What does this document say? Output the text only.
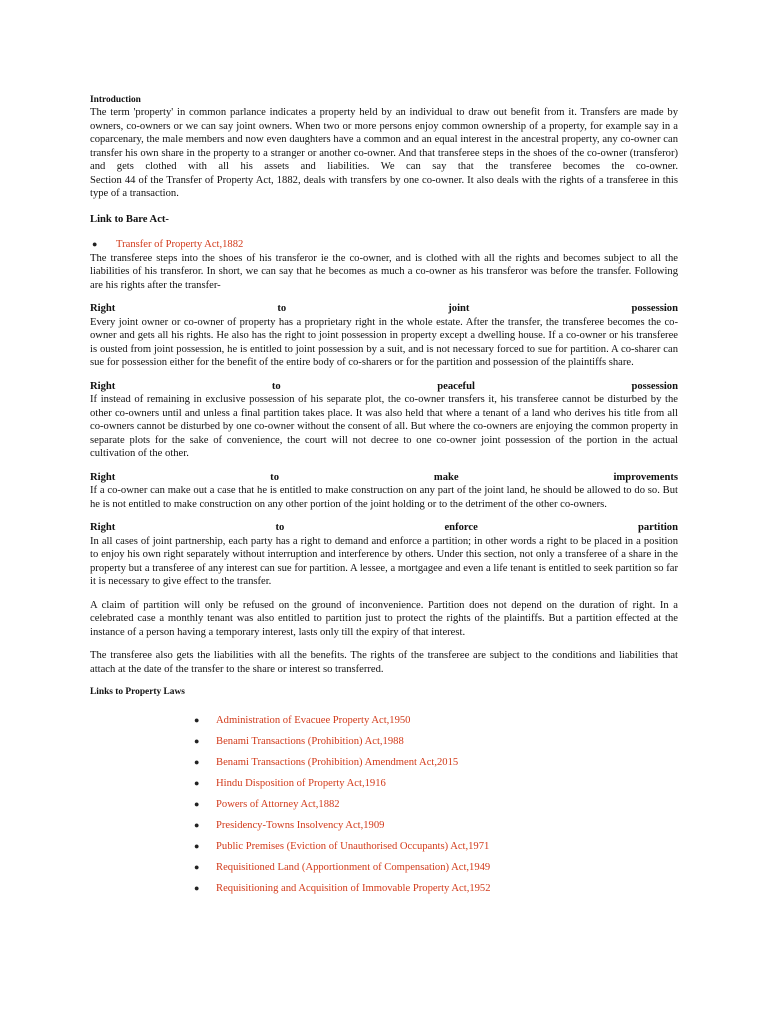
Introduction

The term 'property' in common parlance indicates a property held by an individual to draw out benefit from it. Transfers are made by owners, co-owners or we can say joint owners. When two or more persons enjoy common ownership of a property, for example say in a coparcenary, the male members and now even daughters have a common and an equal interest in the ancestral property, any co-owner can transfer his own share in the property to a stranger or another co-owner. And that transferee steps in the shoes of the co-owner (transferor) and gets clothed with all his assets and liabilities. We can say that the transferee becomes the co-owner.

Section 44 of the Transfer of Property Act, 1882, deals with transfers by one co-owner. It also deals with the rights of a transferee in this type of a transaction.

Link to Bare Act-
●	Transfer of Property Act,1882

The transferee steps into the shoes of his transferor ie the co-owner, and is clothed with all the rights and becomes subject to all the liabilities of his transferor. In short, we can say that he becomes as much a co-owner as his transferor was before the transfer. Following are his rights after the transfer-

Right to joint possession

Every joint owner or co-owner of property has a proprietary right in the whole estate. After the transfer, the transferee becomes the co-owner and gets all his rights. He also has the right to joint possession in property except a dwelling house. If a co-owner or his transferee is ousted from joint possession, he is entitled to joint possession by a suit, and is not necessary forced to sue for partition. A co-sharer can sue for possession either for the benefit of the entire body of co-sharers or for the partition and possession of the plaintiffs share.

Right to peaceful possession

If instead of remaining in exclusive possession of his separate plot, the co-owner transfers it, his transferee cannot be disturbed by the other co-owners until and unless a final partition takes place. It was also held that where a tenant of a land who derives his title from all co-owners cannot be disturbed by one co-owner without the consent of all. But where the co-owners are enjoying the common property in separate plots for the sake of convenience, the court will not decree to one co-owner joint possession of the portion in the actual cultivation of the other.

Right to make improvements

If a co-owner can make out a case that he is entitled to make construction on any part of the joint land, he should be allowed to do so. But he is not entitled to make construction on any other portion of the joint holding or to the detriment of the other co-owners.

Right to enforce partition

In all cases of joint partnership, each party has a right to demand and enforce a partition; in other words a right to be placed in a position to enjoy his own right separately without interruption and interference by others. Under this section, not only a transferee of a share in the property but a transferee of any interest can sue for partition. A lessee, a mortgagee and even a life tenant is entitled to seek partition so far it is necessary to give effect to the transfer.

A claim of partition will only be refused on the ground of inconvenience. Partition does not depend on the duration of right. In a celebrated case a monthly tenant was also entitled to partition just to protect the rights of the plaintiffs. But a partition effected at the instance of a person having a temporary interest, lasts only till the expiry of that interest.

The transferee also gets the liabilities with all the benefits. The rights of the transferee are subject to the conditions and liabilities that attach at the date of the transfer to the share or interest so transferred.

Links to Property Laws
●	Administration of Evacuee Property Act,1950
●	Benami Transactions (Prohibition) Act,1988
●	Benami Transactions (Prohibition) Amendment Act,2015
●	Hindu Disposition of Property Act,1916
●	Powers of Attorney Act,1882
●	Presidency-Towns Insolvency Act,1909
●	Public Premises (Eviction of Unauthorised Occupants) Act,1971
●	Requisitioned Land (Apportionment of Compensation) Act,1949
●	Requisitioning and Acquisition of Immovable Property Act,1952
